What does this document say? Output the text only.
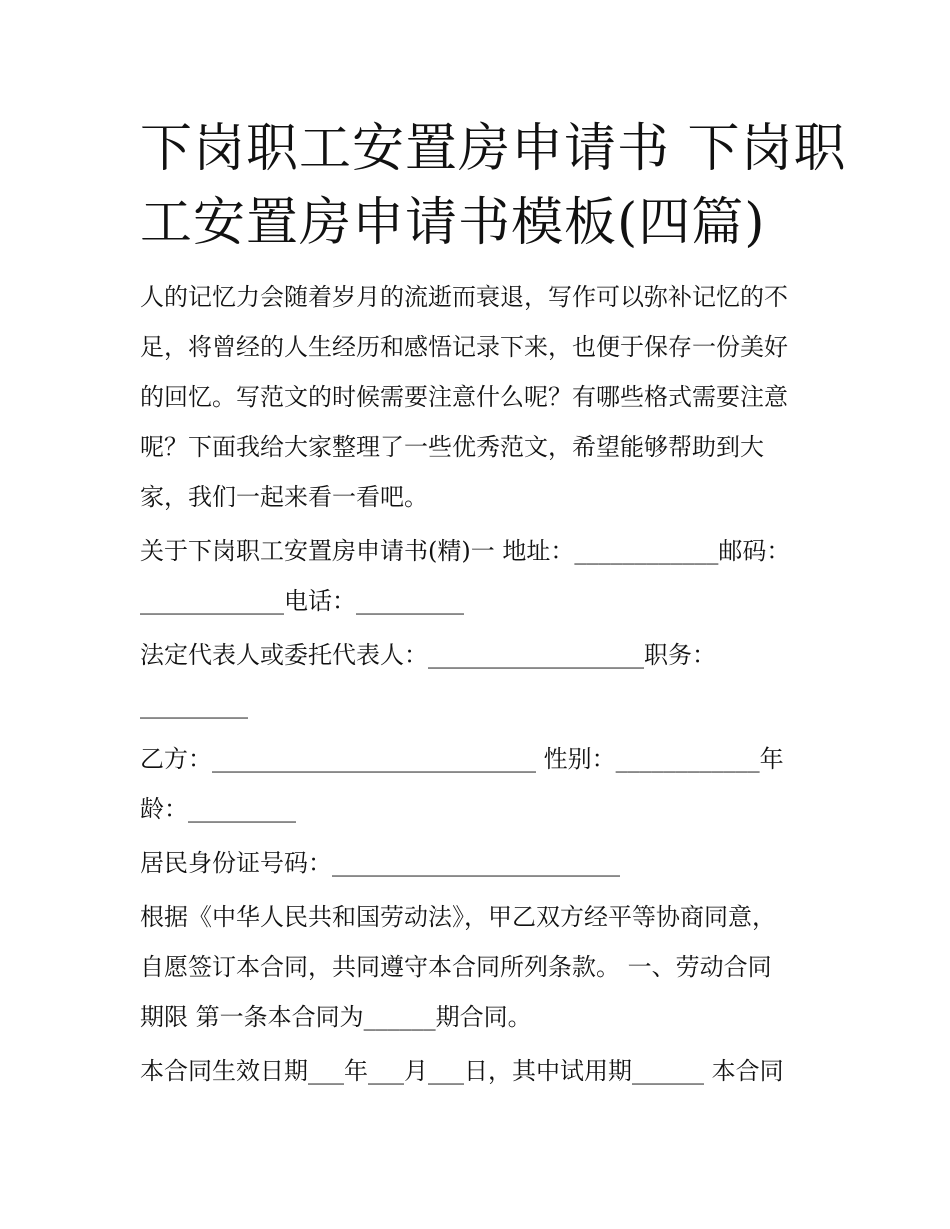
下岗职工安置房申请书 下岗职
工安置房申请书模板(四篇)

人的记忆力会随着岁月的流逝而衰退，写作可以弥补记忆的不
足，将曾经的人生经历和感悟记录下来，也便于保存一份美好
的回忆。写范文的时候需要注意什么呢？有哪些格式需要注意
呢？下面我给大家整理了一些优秀范文，希望能够帮助到大
家，我们一起来看一看吧。

关于下岗职工安置房申请书(精)一 地址：____________邮码：
____________电话：_________

法定代表人或委托代表人：__________________职务：
_________

乙方：___________________________ 性别：____________年
龄：_________

居民身份证号码：________________________

根据《中华人民共和国劳动法》，甲乙双方经平等协商同意，
自愿签订本合同，共同遵守本合同所列条款。 一、劳动合同
期限 第一条本合同为______期合同。

本合同生效日期___年___月___日，其中试用期______ 本合同
